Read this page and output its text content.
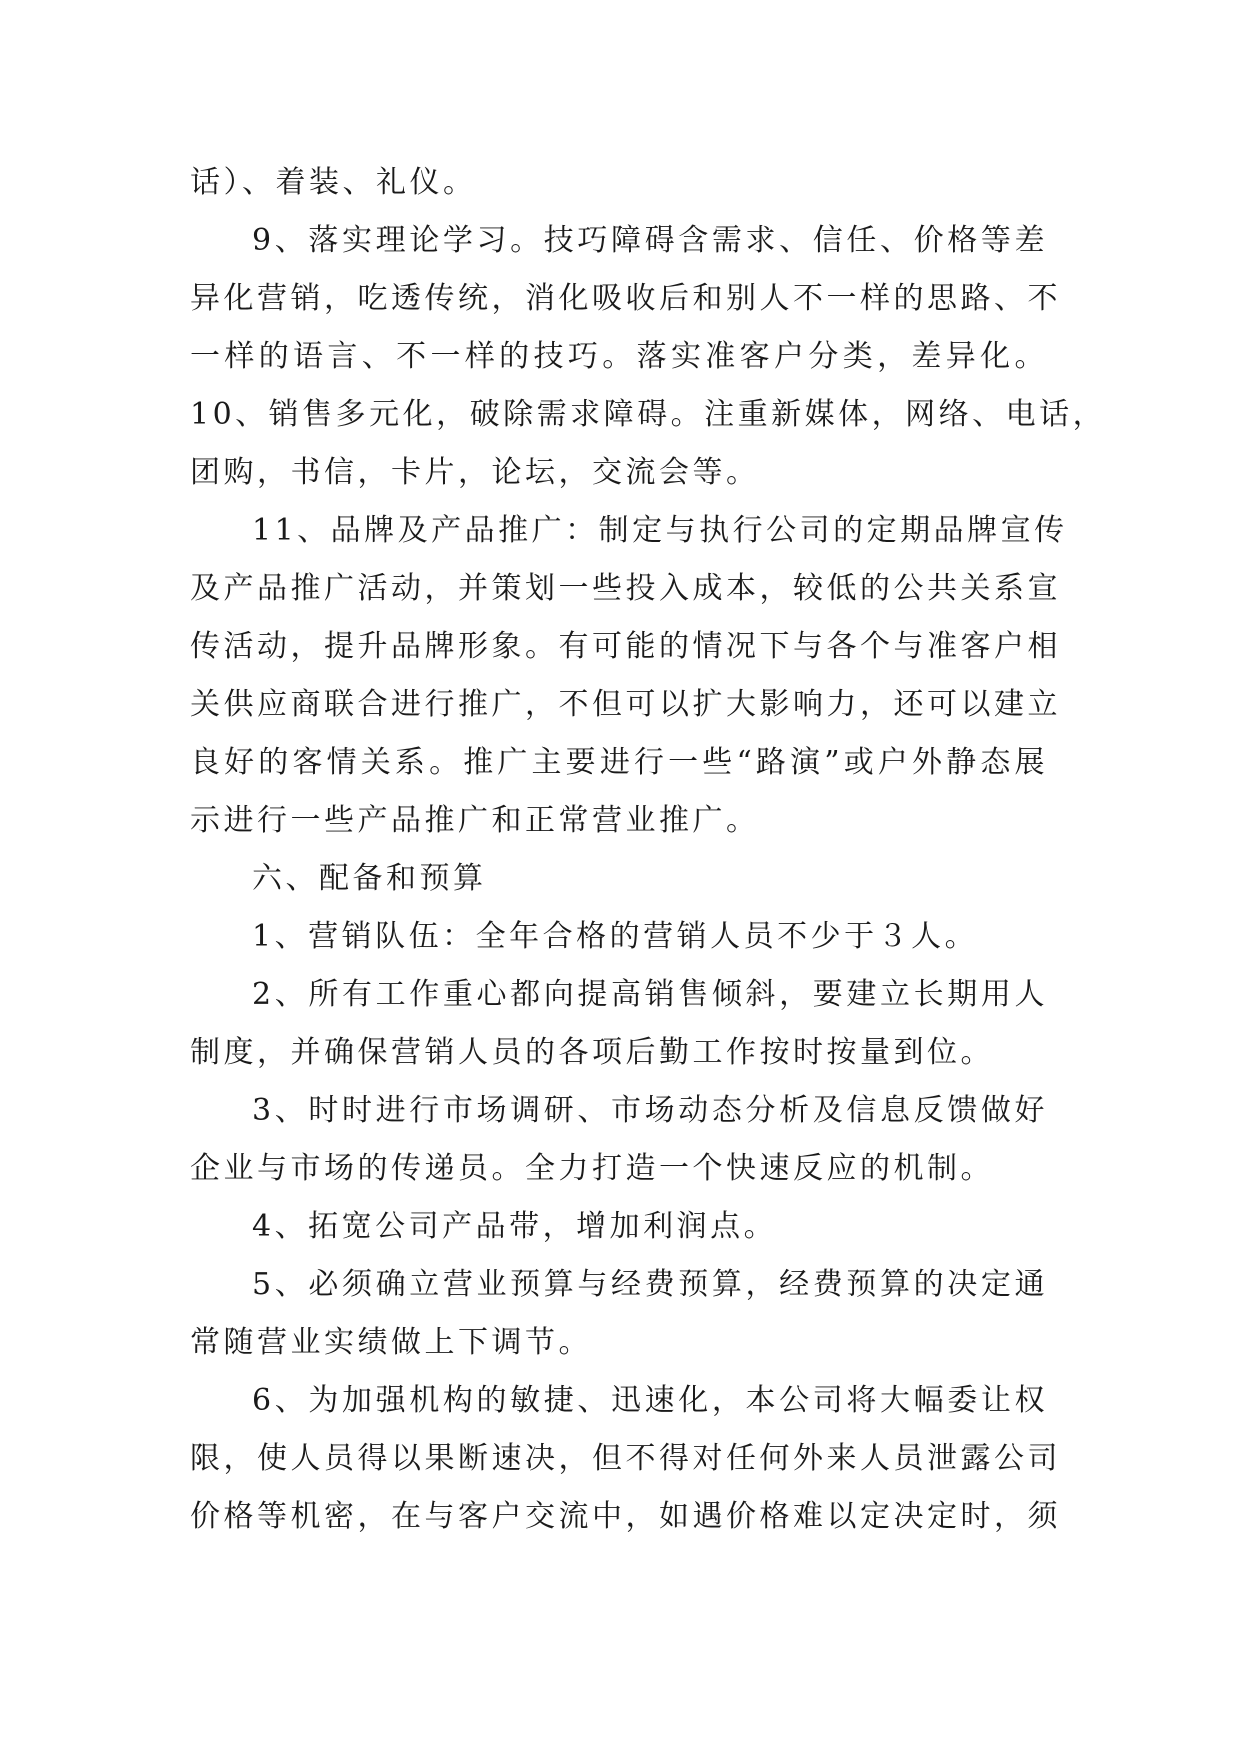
话）、着装、礼仪。
9、落实理论学习。技巧障碍含需求、信任、价格等差
异化营销，吃透传统，消化吸收后和别人不一样的思路、不
一样的语言、不一样的技巧。落实准客户分类，差异化。
10、销售多元化，破除需求障碍。注重新媒体，网络、电话，
团购，书信，卡片，论坛，交流会等。
11、品牌及产品推广：制定与执行公司的定期品牌宣传
及产品推广活动，并策划一些投入成本，较低的公共关系宣
传活动，提升品牌形象。有可能的情况下与各个与准客户相
关供应商联合进行推广，不但可以扩大影响力，还可以建立
良好的客情关系。推广主要进行一些“路演”或户外静态展
示进行一些产品推广和正常营业推广。
六、配备和预算
1、营销队伍：全年合格的营销人员不少于３人。
2、所有工作重心都向提高销售倾斜，要建立长期用人
制度，并确保营销人员的各项后勤工作按时按量到位。
3、时时进行市场调研、市场动态分析及信息反馈做好
企业与市场的传递员。全力打造一个快速反应的机制。
4、拓宽公司产品带，增加利润点。
5、必须确立营业预算与经费预算，经费预算的决定通
常随营业实绩做上下调节。
6、为加强机构的敏捷、迅速化，本公司将大幅委让权
限，使人员得以果断速决，但不得对任何外来人员泄露公司
价格等机密，在与客户交流中，如遇价格难以定决定时，须
